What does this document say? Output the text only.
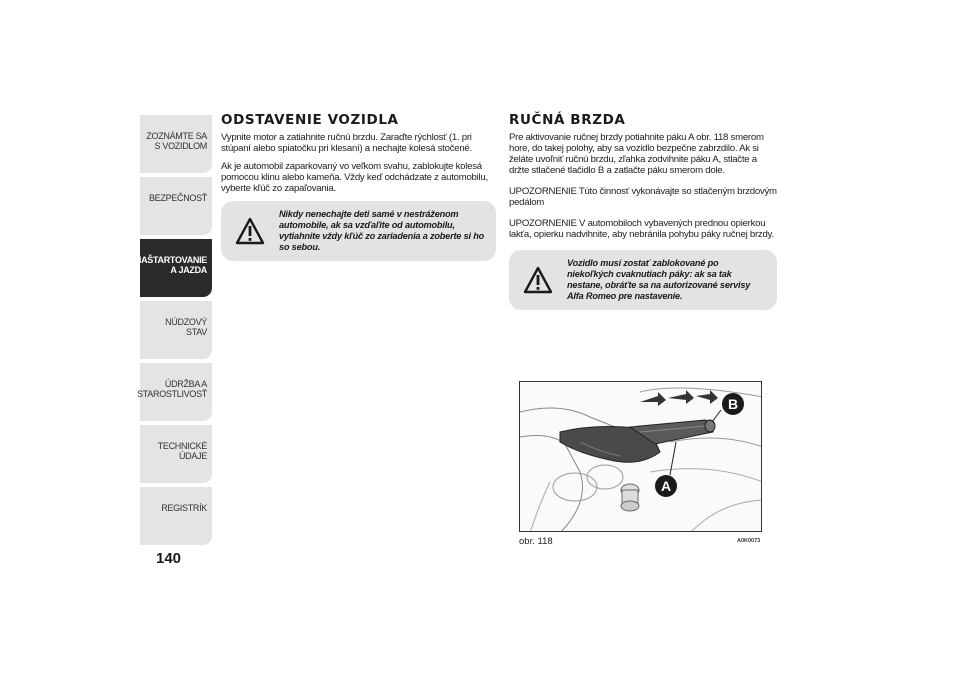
ZOZNÁMTE SA S VOZIDLOM
BEZPEČNOSŤ
NAŠTARTOVANIE A JAZDA
NÚDZOVÝ STAV
ÚDRŽBA A STAROSTLIVOSŤ
TECHNICKÉ ÚDAJE
REGISTRÍK
140
ODSTAVENIE VOZIDLA

Vypnite motor a zatiahnite ručnú brzdu. Zaraďte rýchlosť (1. pri stúpaní alebo spiatočku pri klesaní) a nechajte kolesá stočené.

Ak je automobil zaparkovaný vo veľkom svahu, zablokujte kolesá pomocou klinu alebo kameňa. Vždy keď odchádzate z automobilu, vyberte kľúč zo zapaľovania.

Nikdy nenechajte deti samé v nestráženom automobile, ak sa vzďaľite od automobilu, vytiahnite vždy kľúč zo zariadenia a zoberte si ho so sebou.
RUČNÁ BRZDA

Pre aktivovanie ručnej brzdy potiahnite páku A obr. 118 smerom hore, do takej polohy, aby sa vozidlo bezpečne zabrzdilo. Ak si želáte uvoľniť ručnú brzdu, zľahka zodvihnite páku A, stlačte a držte stlačené tlačidlo B a zatlačte páku smerom dole.

UPOZORNENIE Túto činnosť vykonávajte so stlačeným brzdovým pedálom

UPOZORNENIE V automobiloch vybavených prednou opierkou lakťa, opierku nadvihnite, aby nebránila pohybu páky ručnej brzdy.

Vozidlo musí zostať zablokované po niekoľkých cvaknutiach páky: ak sa tak nestane, obráťte sa na autorizované servisy Alfa Romeo pre nastavenie.
B
A
obr. 118	A0K0073
